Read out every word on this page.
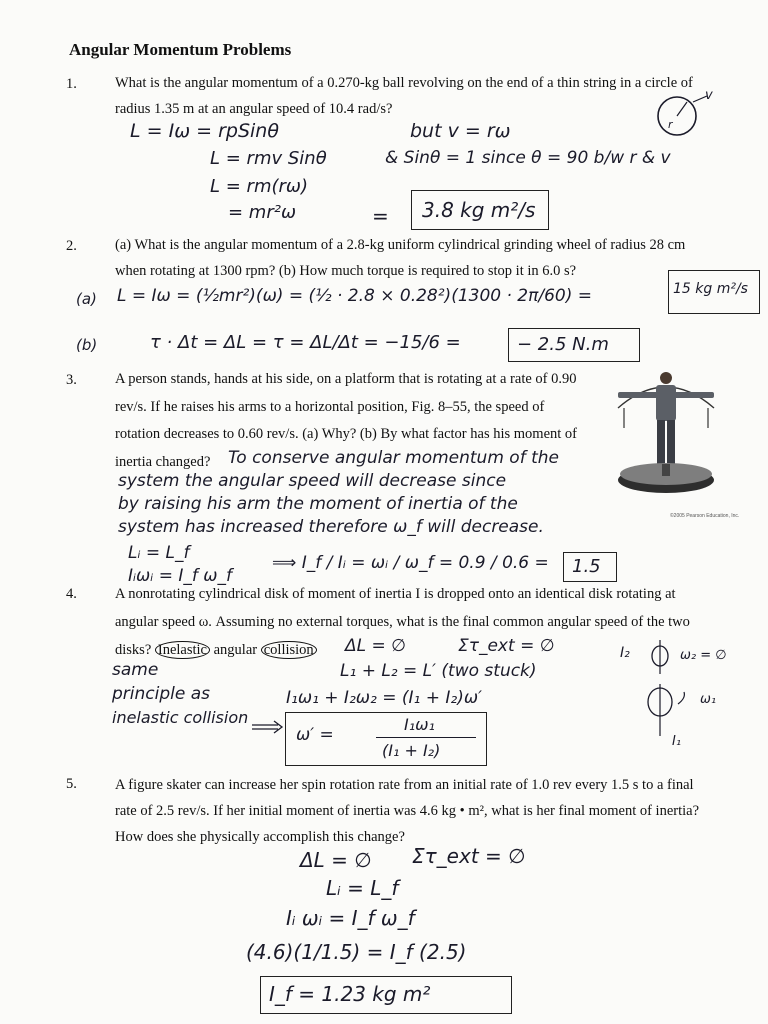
Angular Momentum Problems
1.	What is the angular momentum of a 0.270-kg ball revolving on the end of a thin string in a circle of
radius 1.35 m at an angular speed of 10.4 rad/s?
L = Iω = rpSinθ	but v = rω
L = rmv Sinθ	& Sinθ = 1 since θ = 90 b/w r & v
L = rm(rω)
= mr²ω	= 3.8 kg m²/s
v
r
2.	(a) What is the angular momentum of a 2.8-kg uniform cylindrical grinding wheel of radius 28 cm
when rotating at 1300 rpm? (b) How much torque is required to stop it in 6.0 s?
(a) L = Iω = (½mr²)(ω) = (½ · 2.8 × 0.28²)(1300 · 2π/60) =	15 kg m²/s
(b)	τ · Δt = ΔL = τ = ΔL/Δt = −15/6 =	− 2.5 N.m
3.	A person stands, hands at his side, on a platform that is rotating at a rate of 0.90
rev/s. If he raises his arms to a horizontal position, Fig. 8–55, the speed of
rotation decreases to 0.60 rev/s. (a) Why? (b) By what factor has his moment of
inertia changed?	To conserve angular momentum of the
system the angular speed will decrease since
by raising his arm the moment of inertia of the
system has increased therefore ω_f will decrease.
Lᵢ = L_f
Iᵢωᵢ = I_f ω_f
⟹ I_f / Iᵢ = ωᵢ / ω_f = 0.9 / 0.6 = 1.5
©2005 Pearson Education, Inc.
4.	A nonrotating cylindrical disk of moment of inertia I is dropped onto an identical disk rotating at
angular speed ω. Assuming no external torques, what is the final common angular speed of the two
disks? Inelastic angular collision	ΔL = ∅	Στ_ext = ∅
L₁ + L₂ = L′ (two stuck)
I₁ω₁ + I₂ω₂ = (I₁ + I₂)ω′
same
principle as
inelastic collision
ω′ =
I₁ω₁
(I₁ + I₂)
I₂	ω₂ = ∅
ω₁
I₁
5.	A figure skater can increase her spin rotation rate from an initial rate of 1.0 rev every 1.5 s to a final
rate of 2.5 rev/s. If her initial moment of inertia was 4.6 kg • m², what is her final moment of inertia?
How does she physically accomplish this change?
ΔL = ∅ Στ_ext = ∅
Lᵢ = L_f
Iᵢ ωᵢ = I_f ω_f
(4.6)(1/1.5) = I_f (2.5)
I_f = 1.23 kg m²
